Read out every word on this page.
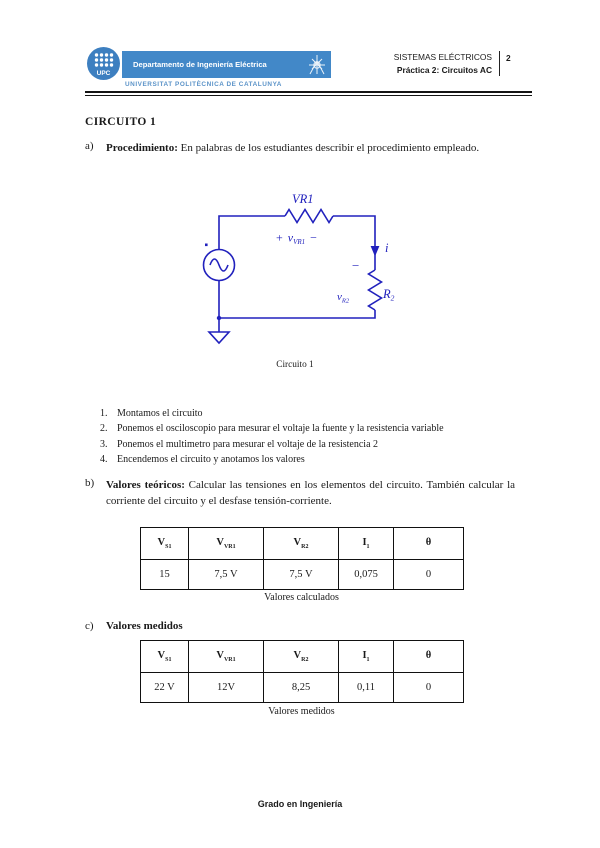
UPC
Departamento de Ingeniería Eléctrica
UNIVERSITAT POLITÈCNICA DE CATALUNYA
SISTEMAS ELÉCTRICOS
Práctica 2: Circuitos AC
2
CIRCUITO 1
a) Procedimiento: En palabras de los estudiantes describir el procedimiento empleado.
VR1
+ $v_{VR1}$ −
i
−
$v_{R2}$	$R_2$
Circuito 1
1. Montamos el circuito
2. Ponemos el osciloscopio para mesurar el voltaje la fuente y la resistencia variable
3. Ponemos el multimetro para mesurar el voltaje de la resistencia 2
4. Encendemos el circuito y anotamos los valores
b) Valores teóricos: Calcular las tensiones en los elementos del circuito. También calcular la corriente del circuito y el desfase tensión-corriente.
$V_{S1}$	$V_{VR1}$	$V_{R2}$	$I_1$	θ
15	7,5 V	7,5 V	0,075	0
Valores calculados
c) Valores medidos
$V_{S1}$	$V_{VR1}$	$V_{R2}$	$I_1$	θ
22 V	12V	8,25	0,11	0
Valores medidos
Grado en Ingeniería
